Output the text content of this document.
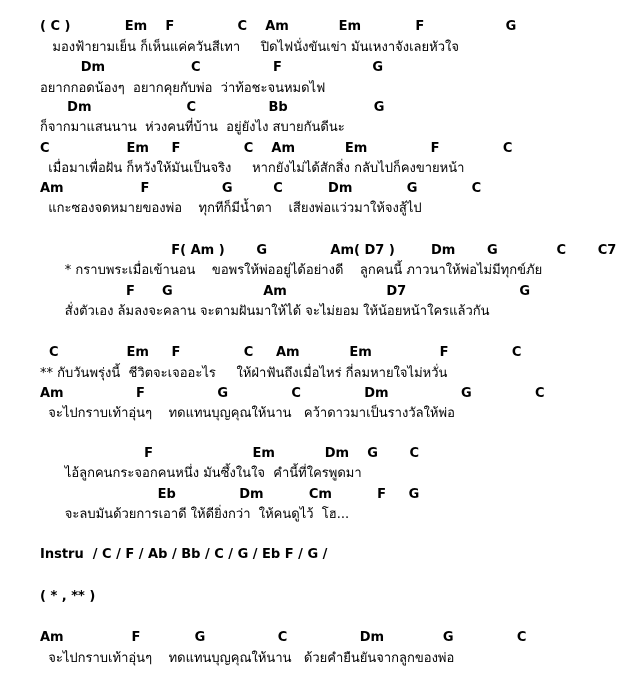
( C )            Em    F              C    Am           Em            F                  G
มองฟ้ายามเย็น ก็เห็นแค่ควันสีเทา     ปิดไฟนั่งขันเข่า มันเหงาจังเลยหัวใจ
Dm                   C                F                    G
อยากกอดน้องๆ  อยากคุยกับพ่อ  ว่าท้อชะจนหมดไฟ
Dm                     C                Bb                   G
ก็จากมาแสนนาน  ห่วงคนที่บ้าน  อยู่ยังไง สบายกันดีนะ
C                 Em     F              C    Am           Em              F              C
เมื่อมาเพื่อฝัน ก็หวังให้มันเป็นจริง     หากยังไม่ได้สักสิ่ง กลับไปก็คงขายหน้า
Am                 F                G         C          Dm            G            C
แกะซองจดหมายของพ่อ    ทุกทีก็มีน้ำตา    เสียงพ่อแว่วมาให้จงสู้ไป
F( Am )       G              Am( D7 )        Dm       G             C       C7
* กราบพระเมื่อเข้านอน    ขอพรให้พ่ออยู่ได้อย่างดี    ลูกคนนี้ ภาวนาให้พ่อไม่มีทุกข์ภัย
F      G                    Am                      D7                         G
สั่งตัวเอง ล้มลงจะคลาน จะตามฝันมาให้ได้ จะไม่ยอม ให้น้อยหน้าใครแล้วกัน
C               Em     F              C     Am           Em               F              C
** กับวันพรุ่งนี้  ชีวิตจะเจออะไร     ให้ฝ่าฟันถึงเมื่อไหร่ กี่ลมหายใจไม่หวั่น
Am                F                G              C              Dm                G              C
จะไปกราบเท้าอุ่นๆ    ทดแทนบุญคุณให้นาน   คว้าดาวมาเป็นรางวัลให้พ่อ
F                      Em           Dm    G       C
ไอ้ลูกคนกระจอกคนหนึ่ง มันซึ้งในใจ  คำนี้ที่ใครพูดมา
Eb              Dm          Cm          F     G
จะลบมันด้วยการเอาดี ให้ดียิ่งกว่า  ให้คนดูไว้  โฮ...
Instru  / C / F / Ab / Bb / C / G / Eb F / G /
( * , ** )
Am               F            G                C                Dm             G              C
จะไปกราบเท้าอุ่นๆ    ทดแทนบุญคุณให้นาน   ด้วยคำยืนยันจากลูกของพ่อ
